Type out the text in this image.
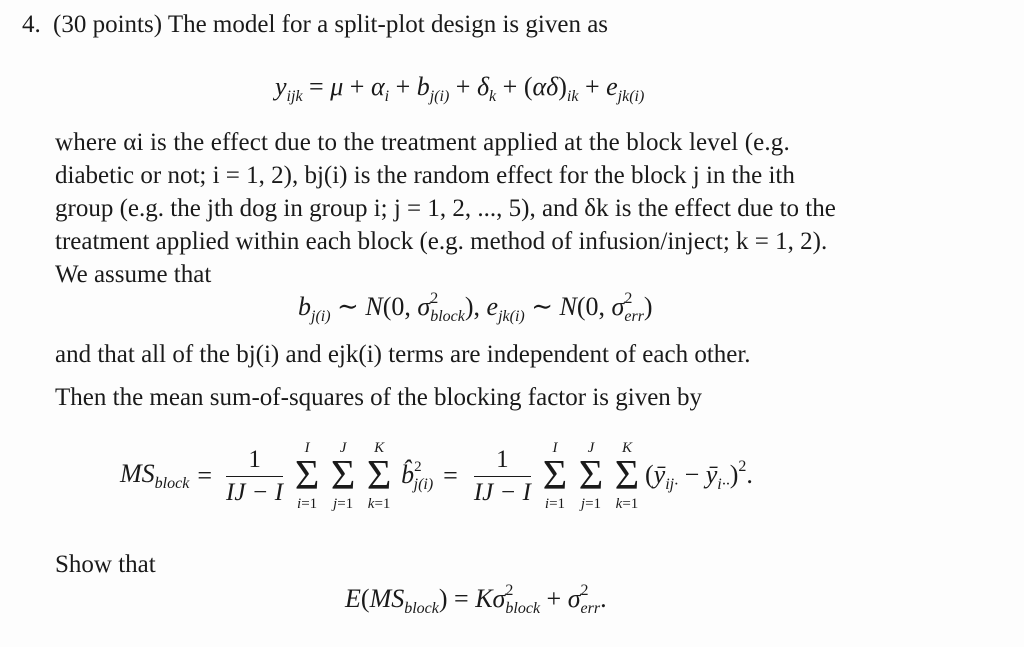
4. (30 points) The model for a split-plot design is given as
$y_{ijk} = \mu + \alpha_i + b_{j(i)} + \delta_k + (\alpha\delta)_{ik} + e_{jk(i)}$
where αi is the effect due to the treatment applied at the block level (e.g.
diabetic or not; i = 1, 2), bj(i) is the random effect for the block j in the ith
group (e.g. the jth dog in group i; j = 1, 2, ..., 5), and δk is the effect due to the
treatment applied within each block (e.g. method of infusion/inject; k = 1, 2).
We assume that
$b_{j(i)}$ ∼ N(0, $\sigma^2_{block}$), $e_{jk(i)}$ ∼ N(0, $\sigma^2_{err}$)
and that all of the bj(i) and ejk(i) terms are independent of each other.
Then the mean sum-of-squares of the blocking factor is given by
$MS_{block} = \frac{1}{IJ - I}$	I
Σ
i=1
J
Σ
j=1
K
Σ
k=1
b̂$^2_{j(i)}$ = $\frac{1}{IJ - I}$	I
Σ
i=1
J
Σ
j=1
K
Σ
k=1
($ȳ_{ij\cdot}$ − $ȳ_{i\cdot\cdot})^2$.
Show that
$E(MS_{block}) = K\sigma^2_{block} + \sigma^2_{err}$.
